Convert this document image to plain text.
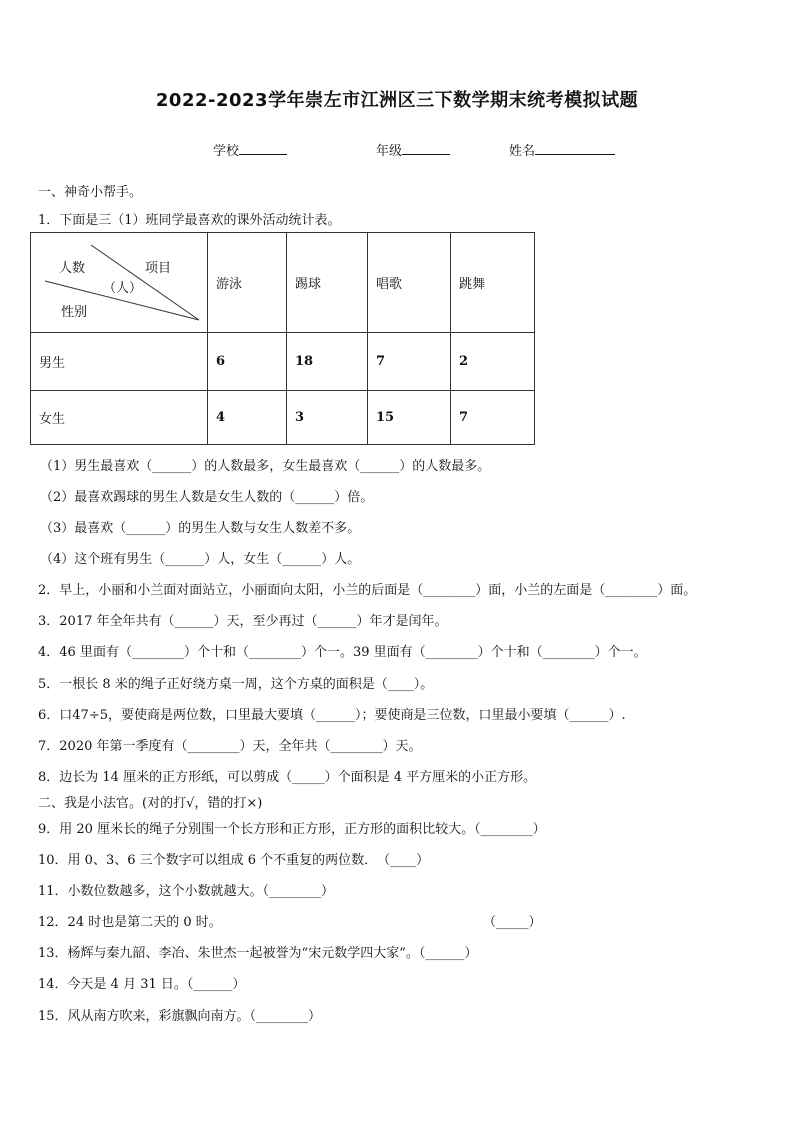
2022-2023学年崇左市江洲区三下数学期末统考模拟试题
学校	年级	姓名
一、神奇小帮手。
1．下面是三（1）班同学最喜欢的课外活动统计表。
项目
人数
（人）
性别	游泳	踢球	唱歌	跳舞
男生	6	18	7	2
女生	4	3	15	7
（1）男生最喜欢（______）的人数最多，女生最喜欢（______）的人数最多。
（2）最喜欢踢球的男生人数是女生人数的（______）倍。
（3）最喜欢（______）的男生人数与女生人数差不多。
（4）这个班有男生（______）人，女生（______）人。
2．早上，小丽和小兰面对面站立，小丽面向太阳，小兰的后面是（________）面，小兰的左面是（________）面。
3．2017 年全年共有（______）天，至少再过（______）年才是闰年。
4．46 里面有（________）个十和（________）个一。39 里面有（________）个十和（________）个一。
5．一根长 8 米的绳子正好绕方桌一周，这个方桌的面积是（____）。
6．口47÷5，要使商是两位数，口里最大要填（______）；要使商是三位数，口里最小要填（______）.
7．2020 年第一季度有（________）天，全年共（________）天。
8．边长为 14 厘米的正方形纸，可以剪成（_____）个面积是 4 平方厘米的小正方形。
二、我是小法官。(对的打√，错的打×)
9．用 20 厘米长的绳子分别围一个长方形和正方形，正方形的面积比较大。（________）
10．用 0、3、6 三个数字可以组成 6 个不重复的两位数．　（____）
11．小数位数越多，这个小数就越大。（________）
12．24 时也是第二天的 0 时。	（_____）
13．杨辉与秦九韶、李冶、朱世杰一起被誉为“宋元数学四大家”。（______）
14．今天是 4 月 31 日。（______）
15．风从南方吹来，彩旗飘向南方。（________）
